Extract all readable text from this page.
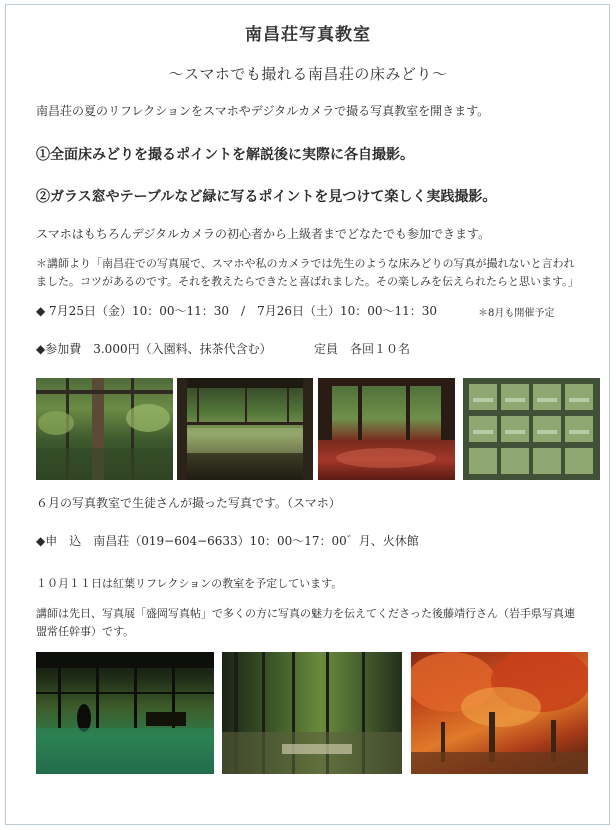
南昌荘写真教室
〜スマホでも撮れる南昌荘の床みどり〜
南昌荘の夏のリフレクションをスマホやデジタルカメラで撮る写真教室を開きます。
①全面床みどりを撮るポイントを解説後に実際に各自撮影。
②ガラス窓やテーブルなど緑に写るポイントを見つけて楽しく実践撮影。
スマホはもちろんデジタルカメラの初心者から上級者までどなたでも参加できます。
＊講師より「南昌荘での写真展で、スマホや私のカメラでは先生のような床みどりの写真が撮れないと言われ
ました。コツがあるのです。それを教えたらできたと喜ばれました。その楽しみを伝えられたらと思います。」
◆ 7月25日（金）10：00〜11：30　/　7月26日（土）10：00〜11：30	＊8月も開催予定
◆参加費　3.000円（入園料、抹茶代含む）	定員　各回１０名
６月の写真教室で生徒さんが撮った写真です。（スマホ）
◆申　込　南昌荘（019−604−6633）10：00〜17：00゛月、火休館
１０月１１日は紅葉リフレクションの教室を予定しています。
講師は先日、写真展「盛岡写真帖」で多くの方に写真の魅力を伝えてくださった後藤靖行さん（岩手県写真連
盟常任幹事）です。
